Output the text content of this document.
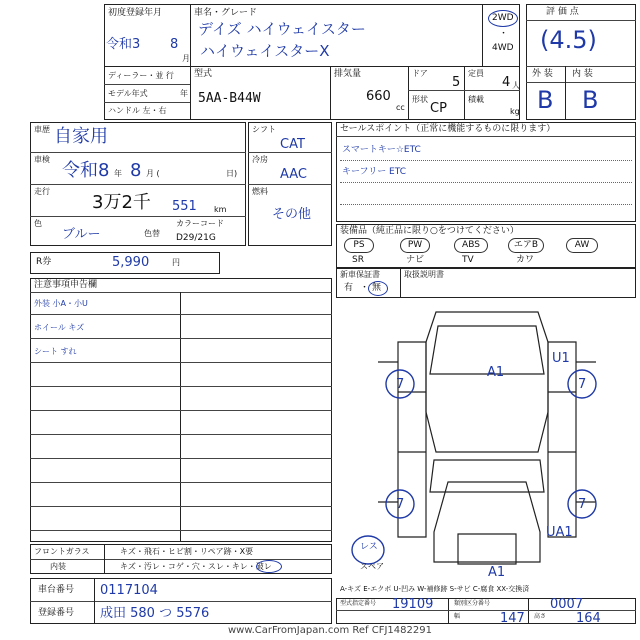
初度登録年月
令和3 8
月
車名・グレード
デイズ ハイウェイスター
ハイウェイスターX
2WD
・
4WD
ディーラー・並 行
モデル年式	年
ハンドル 左・右
型式
5AA-B44W
排気量
660
cc
ドア
5
定員
4 人
形状
CP
積載
kg
評 価 点
(4.5)
外 装 内 装
B B
車歴 自家用
車検
令和8 年 8 月 (	日)
走行
3万2千 551 km
色
ブルー	色替
カラーコード
D29/21G
シフト
CAT
冷房
AAC
燃料
その他
R券	5,990	円
セールスポイント（正常に機能するものに限ります）
スマートキー☆ETC
キーフリー ETC
装備品（純正品に限り○をつけてください）
PS	PW	ABS	エアB	AW
SR	ナビ	TV	カワ
新車保証書	取扱説明書
有 ・ 無
注意事項申告欄
外装 小A・小U
ホイール キズ
シート すれ
A1
U1
7	7
7	7
A1
UA1
レス
スペア
A-キズ E-エクボ U-凹み W-補修跡 S-サビ C-腐食 XX-交換済
フロントガラス	キズ・飛石・ヒビ割・リペア跡・X要
内装	キズ・汚レ・コゲ・穴・スレ・キレ・破レ
車台番号 0117104
登録番号 成田 580 つ 5576
型式指定番号 19109	類別区分番号	0007
幅	147 高さ 164
www.CarFromJapan.com Ref CFJ1482291
